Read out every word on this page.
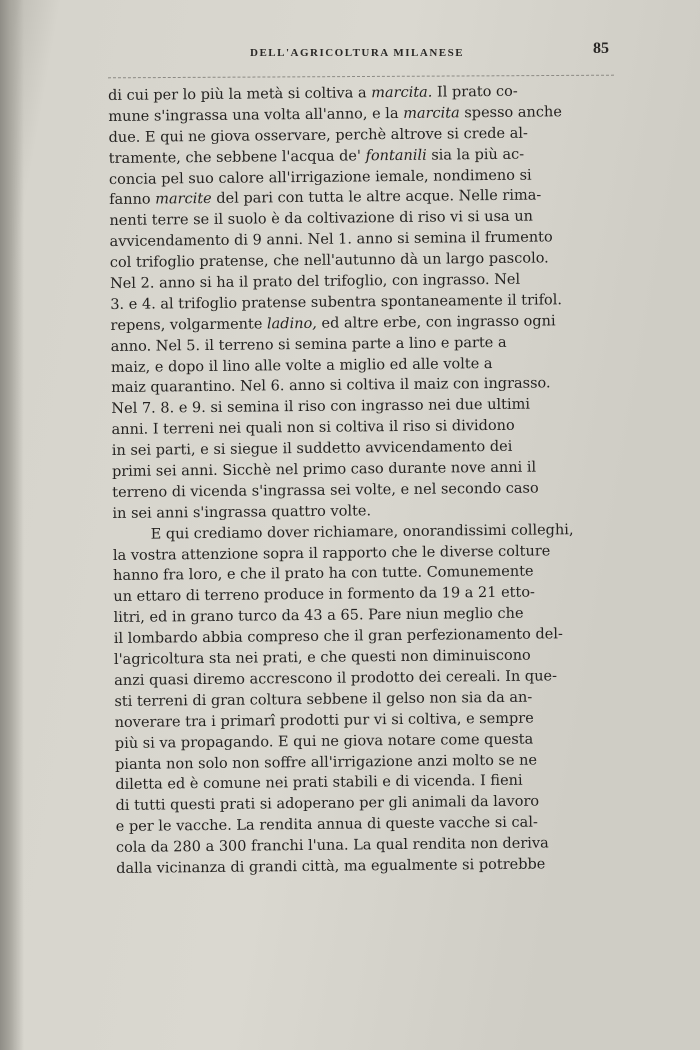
DELL'AGRICOLTURA MILANESE	85
di cui per lo più la metà si coltiva a marcita. Il prato co-
mune s'ingrassa una volta all'anno, e la marcita spesso anche
due. E qui ne giova osservare, perchè altrove si crede al-
tramente, che sebbene l'acqua de' fontanili sia la più ac-
concia pel suo calore all'irrigazione iemale, nondimeno si
fanno marcite del pari con tutta le altre acque. Nelle rima-
nenti terre se il suolo è da coltivazione di riso vi si usa un
avvicendamento di 9 anni. Nel 1. anno si semina il frumento
col trifoglio pratense, che nell'autunno dà un largo pascolo.
Nel 2. anno si ha il prato del trifoglio, con ingrasso. Nel
3. e 4. al trifoglio pratense subentra spontaneamente il trifol.
repens, volgarmente ladino, ed altre erbe, con ingrasso ogni
anno. Nel 5. il terreno si semina parte a lino e parte a
maiz, e dopo il lino alle volte a miglio ed alle volte a
maiz quarantino. Nel 6. anno si coltiva il maiz con ingrasso.
Nel 7. 8. e 9. si semina il riso con ingrasso nei due ultimi
anni. I terreni nei quali non si coltiva il riso si dividono
in sei parti, e si siegue il suddetto avvicendamento dei
primi sei anni. Sicchè nel primo caso durante nove anni il
terreno di vicenda s'ingrassa sei volte, e nel secondo caso
in sei anni s'ingrassa quattro volte.
E qui crediamo dover richiamare, onorandissimi colleghi,
la vostra attenzione sopra il rapporto che le diverse colture
hanno fra loro, e che il prato ha con tutte. Comunemente
un ettaro di terreno produce in formento da 19 a 21 etto-
litri, ed in grano turco da 43 a 65. Pare niun meglio che
il lombardo abbia compreso che il gran perfezionamento del-
l'agricoltura sta nei prati, e che questi non diminuiscono
anzi quasi diremo accrescono il prodotto dei cereali. In que-
sti terreni di gran coltura sebbene il gelso non sia da an-
noverare tra i primarî prodotti pur vi si coltiva, e sempre
più si va propagando. E qui ne giova notare come questa
pianta non solo non soffre all'irrigazione anzi molto se ne
diletta ed è comune nei prati stabili e di vicenda. I fieni
di tutti questi prati si adoperano per gli animali da lavoro
e per le vacche. La rendita annua di queste vacche si cal-
cola da 280 a 300 franchi l'una. La qual rendita non deriva
dalla vicinanza di grandi città, ma egualmente si potrebbe
